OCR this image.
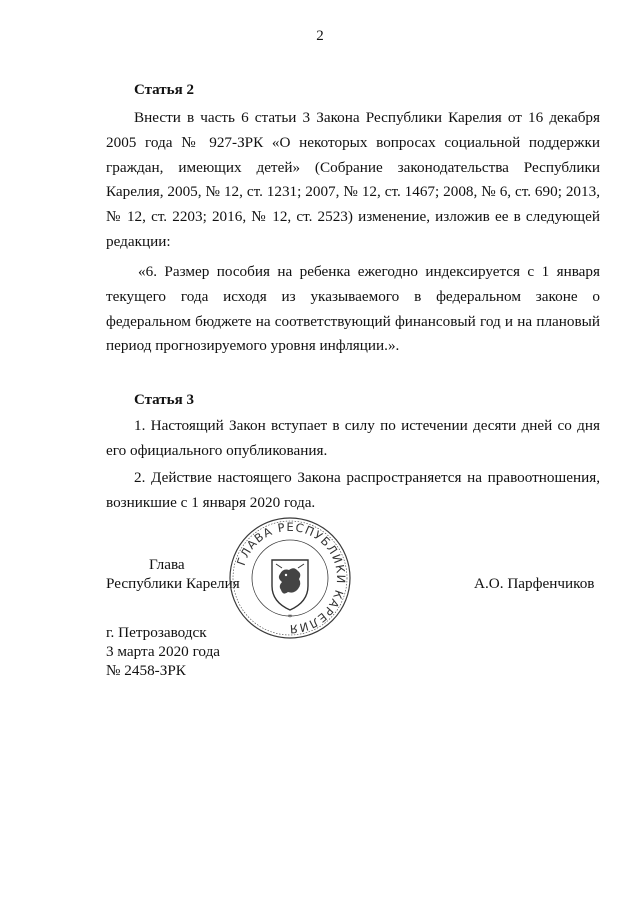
2
Статья 2
Внести в часть 6 статьи 3 Закона Республики Карелия от 16 декабря 2005 года № 927-ЗРК «О некоторых вопросах социальной поддержки граждан, имеющих детей» (Собрание законодательства Республики Карелия, 2005, № 12, ст. 1231; 2007, № 12, ст. 1467; 2008, № 6, ст. 690; 2013, № 12, ст. 2203; 2016, № 12, ст. 2523) изменение, изложив ее в следующей редакции:
«6. Размер пособия на ребенка ежегодно индексируется с 1 января текущего года исходя из указываемого в федеральном законе о федеральном бюджете на соответствующий финансовый год и на плановый период прогнозируемого уровня инфляции.».
Статья 3
1. Настоящий Закон вступает в силу по истечении десяти дней со дня его официального опубликования.
2. Действие настоящего Закона распространяется на правоотношения, возникшие с 1 января 2020 года.
Глава
Республики Карелия	А.О. Парфенчиков
ГЛАВА РЕСПУБЛИКИ КАРЕЛИЯ
*
г. Петрозаводск
3 марта 2020 года
№ 2458-ЗРК
